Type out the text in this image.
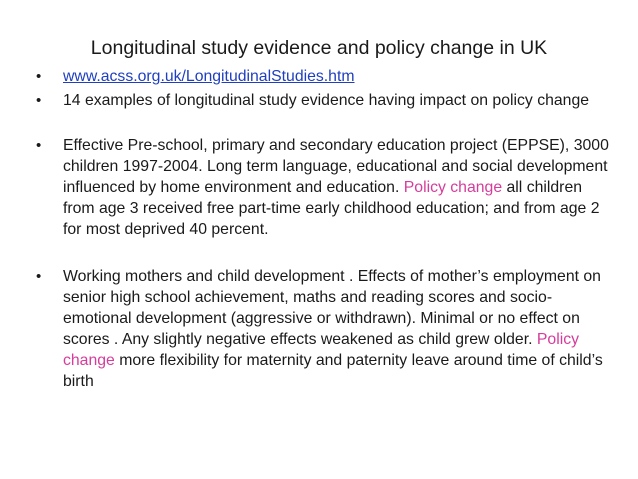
Longitudinal study evidence and policy change in UK
• www.acss.org.uk/LongitudinalStudies.htm
• 14 examples of longitudinal study evidence having impact on policy change
• Effective Pre-school, primary and secondary education project (EPPSE), 3000 children 1997-2004. Long term language, educational and social development influenced by home environment and education. Policy change all children from age 3 received free part-time early childhood education; and from age 2 for most deprived 40 percent.
• Working mothers and child development . Effects of mother’s employment on senior high school achievement, maths and reading scores and socio-emotional development (aggressive or withdrawn). Minimal or no effect on scores . Any slightly negative effects weakened as child grew older. Policy change more flexibility for maternity and paternity leave around time of child’s birth
